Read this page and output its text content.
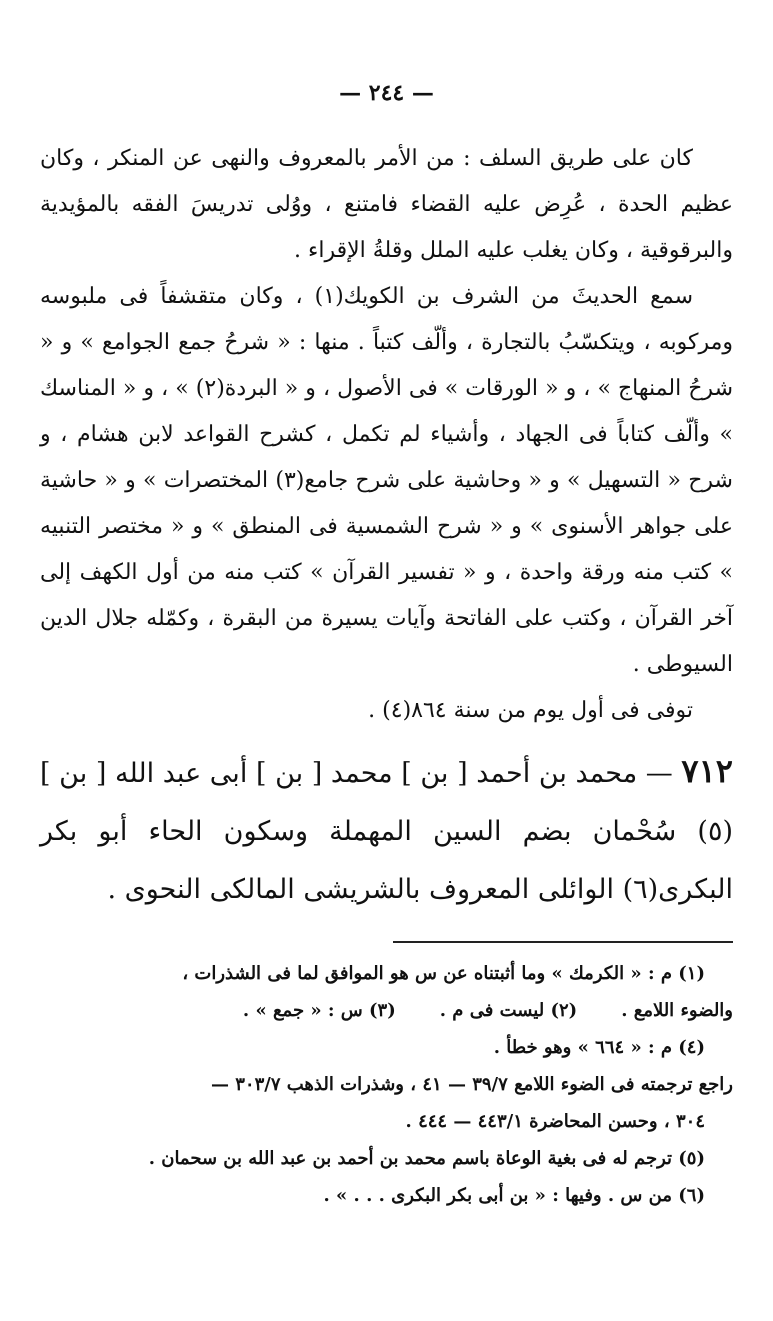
— ٢٤٤ —

كان على طريق السلف : من الأمر بالمعروف والنهى عن المنكر ، وكان عظيم الحدة ، عُرِض عليه القضاء فامتنع ، ووُلى تدريسَ الفقه بالمؤيدية والبرقوقية ، وكان يغلب عليه الملل وقلةُ الإقراء .

سمع الحديثَ من الشرف بن الكويك(١) ، وكان متقشفاً فى ملبوسه ومركوبه ، ويتكسّبُ بالتجارة ، وألّف كتباً . منها : « شرحُ جمع الجوامع » و « شرحُ المنهاج » ، و « الورقات » فى الأصول ، و « البردة(٢) » ، و « المناسك » وألّف كتاباً فى الجهاد ، وأشياء لم تكمل ، كشرح القواعد لابن هشام ، و شرح « التسهيل » و « وحاشية على شرح جامع(٣) المختصرات » و « حاشية على جواهر الأسنوى » و « شرح الشمسية فى المنطق » و « مختصر التنبيه » كتب منه ورقة واحدة ، و « تفسير القرآن » كتب منه من أول الكهف إلى آخر القرآن ، وكتب على الفاتحة وآيات يسيرة من البقرة ، وكمّله جلال الدين السيوطى .

توفى فى أول يوم من سنة ٨٦٤(٤) .

٧١٢ — محمد بن أحمد [ بن ] محمد [ بن ] أبى عبد الله [ بن ](٥) سُحْمان بضم السين المهملة وسكون الحاء أبو بكر البكرى(٦) الوائلى المعروف بالشريشى المالكى النحوى .

(١) م : « الكرمك » وما أثبتناه عن س هو الموافق لما فى الشذرات ،

والضوء اللامع .
(٢) ليست فى م .
(٣) س : « جمع » .

(٤) م : « ٦٦٤ » وهو خطأ .

راجع ترجمته فى الضوء اللامع ٣٩/٧ — ٤١ ، وشذرات الذهب ٣٠٣/٧ —

٣٠٤ ، وحسن المحاضرة ٤٤٣/١ — ٤٤٤ .

(٥) ترجم له فى بغية الوعاة باسم محمد بن أحمد بن عبد الله بن سحمان .

(٦) من س . وفيها : « بن أبى بكر البكرى . . . » .
